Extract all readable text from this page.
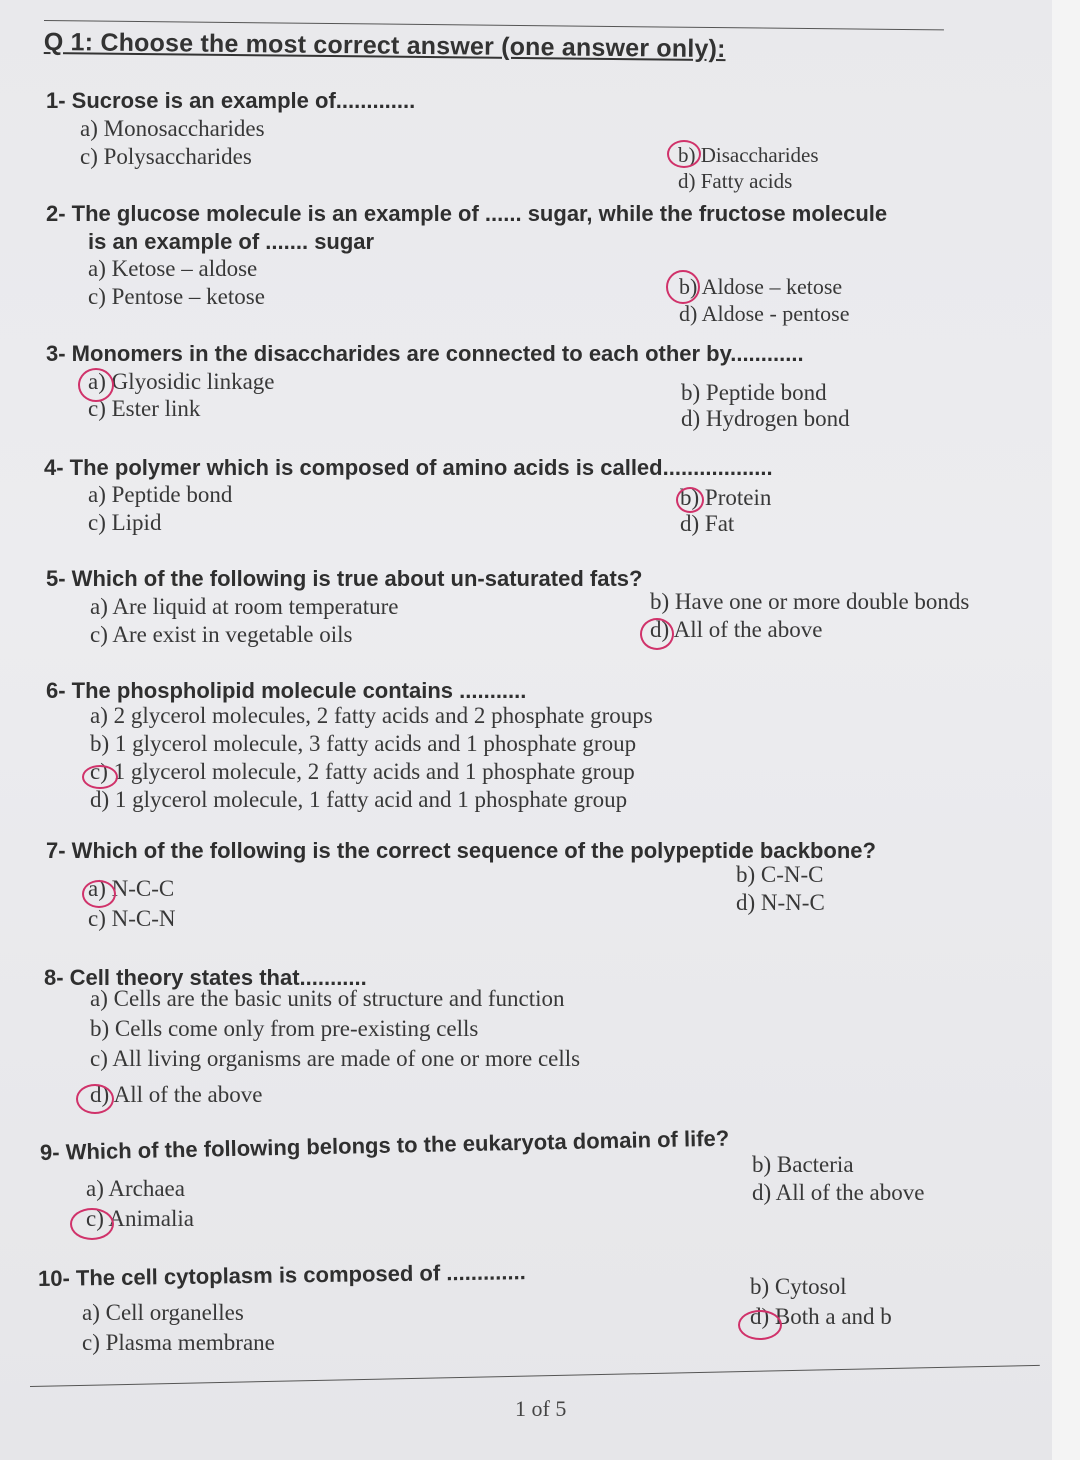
Q 1: Choose the most correct answer (one answer only):
1- Sucrose is an example of.............
a) Monosaccharides
c) Polysaccharides	b) Disaccharides
d) Fatty acids
2- The glucose molecule is an example of ...... sugar, while the fructose molecule
is an example of ....... sugar
a) Ketose – aldose
c) Pentose – ketose	b) Aldose – ketose
d) Aldose - pentose
3- Monomers in the disaccharides are connected to each other by............
a) Glyosidic linkage
c) Ester link
b) Peptide bond
d) Hydrogen bond
4- The polymer which is composed of amino acids is called..................
a) Peptide bond
c) Lipid
b) Protein
d) Fat
5- Which of the following is true about un-saturated fats?
a) Are liquid at room temperature
c) Are exist in vegetable oils
b) Have one or more double bonds
d) All of the above
6- The phospholipid molecule contains ...........
a) 2 glycerol molecules, 2 fatty acids and 2 phosphate groups
b) 1 glycerol molecule, 3 fatty acids and 1 phosphate group
c) 1 glycerol molecule, 2 fatty acids and 1 phosphate group
d) 1 glycerol molecule, 1 fatty acid and 1 phosphate group
7- Which of the following is the correct sequence of the polypeptide backbone?
a) N-C-C
c) N-C-N
b) C-N-C
d) N-N-C
8- Cell theory states that...........
a) Cells are the basic units of structure and function
b) Cells come only from pre-existing cells
c) All living organisms are made of one or more cells
d) All of the above
9- Which of the following belongs to the eukaryota domain of life?
a) Archaea
c) Animalia
b) Bacteria
d) All of the above
10- The cell cytoplasm is composed of .............
a) Cell organelles
c) Plasma membrane
b) Cytosol
d) Both a and b
1 of 5
